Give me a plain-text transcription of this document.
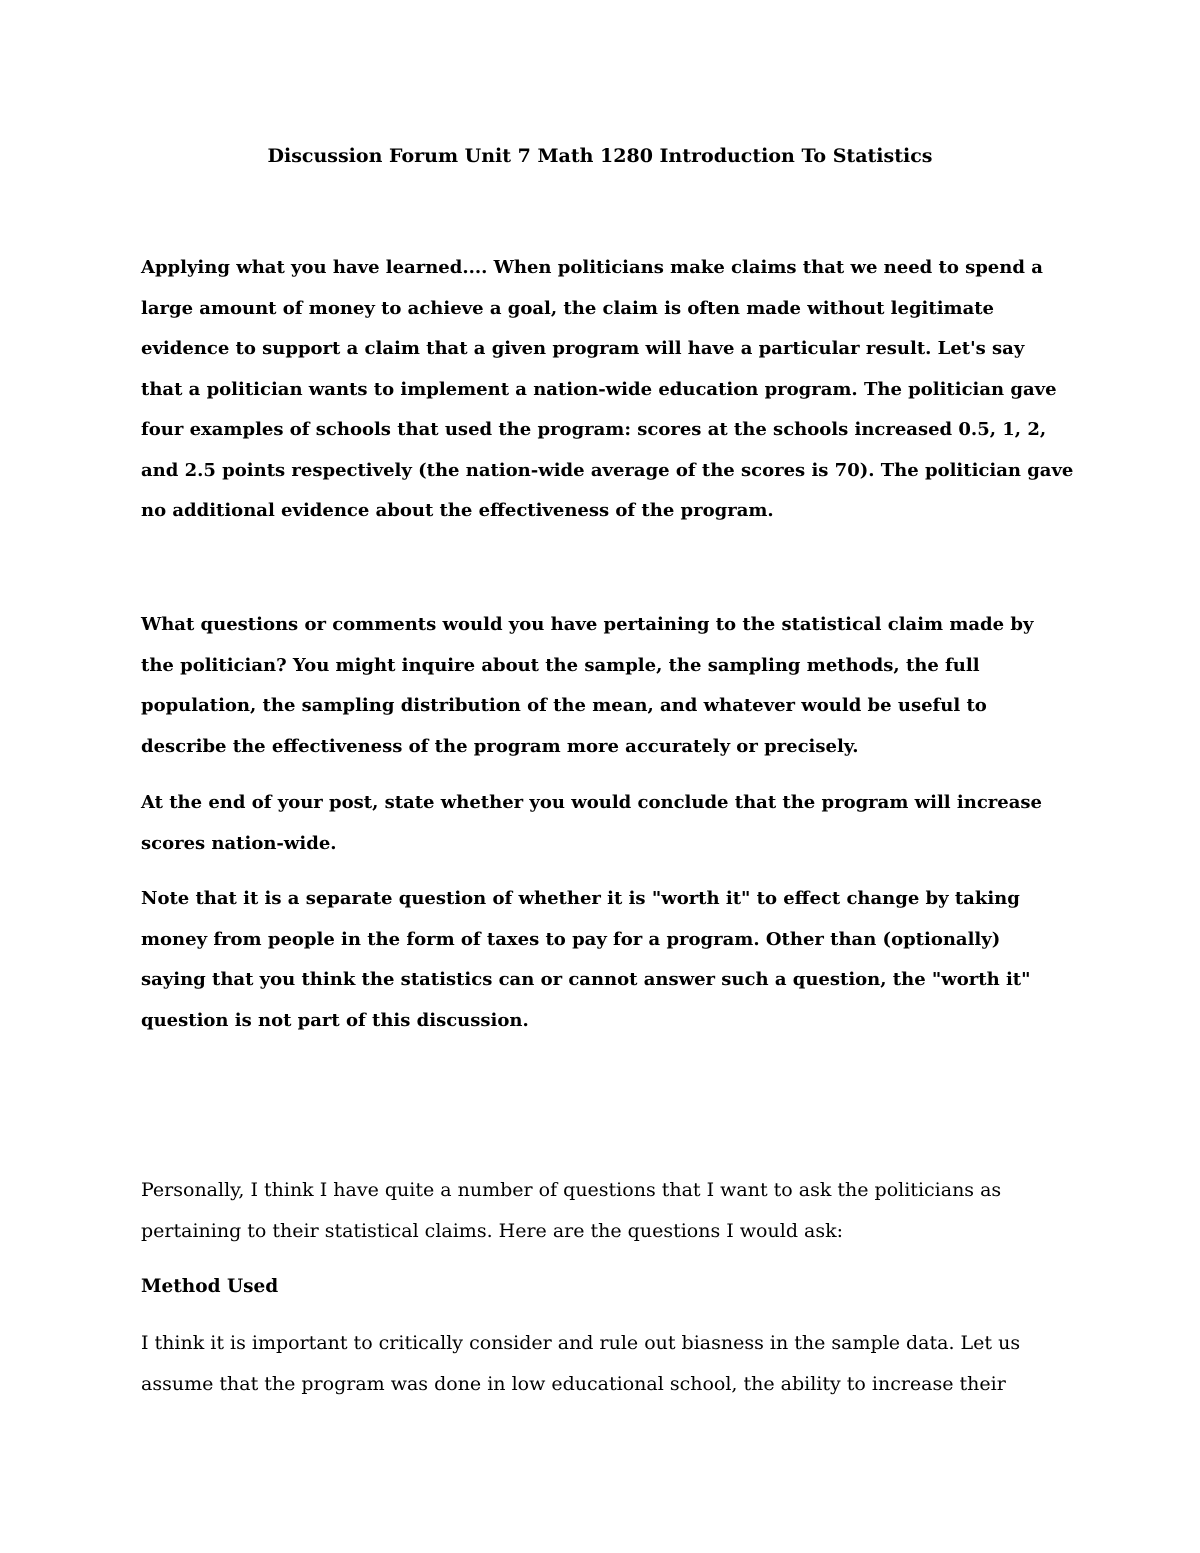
Discussion Forum Unit 7 Math 1280 Introduction To Statistics
Applying what you have learned.... When politicians make claims that we need to spend a
large amount of money to achieve a goal, the claim is often made without legitimate
evidence to support a claim that a given program will have a particular result. Let's say
that a politician wants to implement a nation-wide education program. The politician gave
four examples of schools that used the program: scores at the schools increased 0.5, 1, 2,
and 2.5 points respectively (the nation-wide average of the scores is 70). The politician gave
no additional evidence about the effectiveness of the program.
What questions or comments would you have pertaining to the statistical claim made by
the politician? You might inquire about the sample, the sampling methods, the full
population, the sampling distribution of the mean, and whatever would be useful to
describe the effectiveness of the program more accurately or precisely.
At the end of your post, state whether you would conclude that the program will increase
scores nation-wide.
Note that it is a separate question of whether it is "worth it" to effect change by taking
money from people in the form of taxes to pay for a program. Other than (optionally)
saying that you think the statistics can or cannot answer such a question, the "worth it"
question is not part of this discussion.
Personally, I think I have quite a number of questions that I want to ask the politicians as
pertaining to their statistical claims. Here are the questions I would ask:
Method Used
I think it is important to critically consider and rule out biasness in the sample data. Let us
assume that the program was done in low educational school, the ability to increase their
